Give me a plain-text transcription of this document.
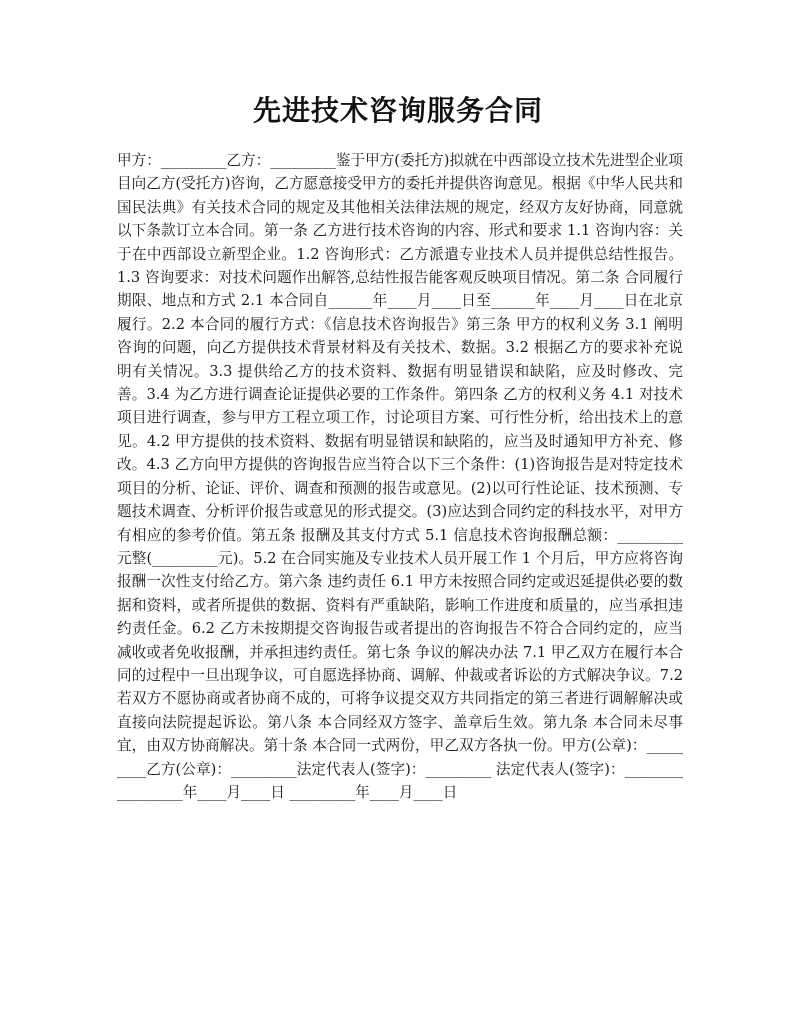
先进技术咨询服务合同

甲方：_________乙方：_________鉴于甲方(委托方)拟就在中西部设立技术先进型企业项目向乙方(受托方)咨询，乙方愿意接受甲方的委托并提供咨询意见。根据《中华人民共和国民法典》有关技术合同的规定及其他相关法律法规的规定，经双方友好协商，同意就以下条款订立本合同。第一条 乙方进行技术咨询的内容、形式和要求 1.1 咨询内容：关于在中西部设立新型企业。1.2 咨询形式：乙方派遣专业技术人员并提供总结性报告。1.3 咨询要求：对技术问题作出解答,总结性报告能客观反映项目情况。第二条 合同履行期限、地点和方式 2.1 本合同自______年____月____日至______年____月____日在北京履行。2.2 本合同的履行方式：《信息技术咨询报告》第三条 甲方的权利义务 3.1 阐明咨询的问题，向乙方提供技术背景材料及有关技术、数据。3.2 根据乙方的要求补充说明有关情况。3.3 提供给乙方的技术资料、数据有明显错误和缺陷，应及时修改、完善。3.4 为乙方进行调查论证提供必要的工作条件。第四条 乙方的权利义务 4.1 对技术项目进行调查，参与甲方工程立项工作，讨论项目方案、可行性分析，给出技术上的意见。4.2 甲方提供的技术资料、数据有明显错误和缺陷的，应当及时通知甲方补充、修改。4.3 乙方向甲方提供的咨询报告应当符合以下三个条件：(1)咨询报告是对特定技术项目的分析、论证、评价、调查和预测的报告或意见。(2)以可行性论证、技术预测、专题技术调查、分析评价报告或意见的形式提交。(3)应达到合同约定的科技水平，对甲方有相应的参考价值。第五条 报酬及其支付方式 5.1 信息技术咨询报酬总额：_________元整(_________元)。5.2 在合同实施及专业技术人员开展工作 1 个月后，甲方应将咨询报酬一次性支付给乙方。第六条 违约责任 6.1 甲方未按照合同约定或迟延提供必要的数据和资料，或者所提供的数据、资料有严重缺陷，影响工作进度和质量的，应当承担违约责任金。6.2 乙方未按期提交咨询报告或者提出的咨询报告不符合合同约定的，应当减收或者免收报酬，并承担违约责任。第七条 争议的解决办法 7.1 甲乙双方在履行本合同的过程中一旦出现争议，可自愿选择协商、调解、仲裁或者诉讼的方式解决争议。7.2 若双方不愿协商或者协商不成的，可将争议提交双方共同指定的第三者进行调解解决或直接向法院提起诉讼。第八条 本合同经双方签字、盖章后生效。第九条 本合同未尽事宜，由双方协商解决。第十条 本合同一式两份，甲乙双方各执一份。甲方(公章)：_________乙方(公章)：_________法定代表人(签字)：_________ 法定代表人(签字)：_________________年____月____日 _________年____月____日
